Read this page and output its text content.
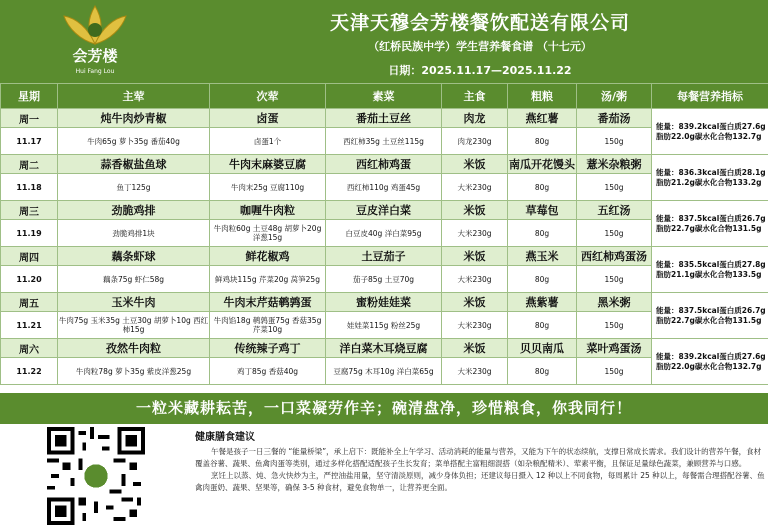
会芳楼
Hui Fang Lou
天津天穆会芳楼餐饮配送有限公司
（红桥民族中学）学生营养餐食谱 （十七元）
日期：2025.11.17—2025.11.22
星期	主荤	次荤	素菜	主食	粗粮	汤/粥	每餐营养指标
周一	炖牛肉炒青椒	卤蛋	番茄土豆丝	肉龙	燕红薯	番茄汤	能量：839.2kcal蛋白质27.6g脂肪22.0g碳水化合物132.7g
11.17	牛肉65g 萝卜35g 番茄40g	卤蛋1个	西红柿35g 土豆丝115g	肉龙230g	80g	150g	
周二	蒜香椒盐鱼球	牛肉末麻婆豆腐	西红柿鸡蛋	米饭	南瓜开花馒头	薏米杂粮粥	能量：836.3kcal蛋白质28.1g脂肪21.2g碳水化合物133.2g
11.18	鱼丁125g	牛肉末25g 豆腐110g	西红柿110g 鸡蛋45g	大米230g	80g	150g	
周三	劲脆鸡排	咖喱牛肉粒	豆皮洋白菜	米饭	草莓包	五红汤	能量：837.5kcal蛋白质26.7g脂肪22.7g碳水化合物131.5g
11.19	劲脆鸡排1块	牛肉粒60g 土豆48g 胡萝卜20g 洋葱15g	白豆皮40g 洋白菜95g	大米230g	80g	150g	
周四	藕条虾球	鲜花椒鸡	土豆茄子	米饭	燕玉米	西红柿鸡蛋汤	能量：835.5kcal蛋白质27.8g脂肪21.1g碳水化合物133.5g
11.20	藕条75g 虾仁58g	鲜鸡块115g 芹菜20g 莴笋25g	茄子85g 土豆70g	大米230g	80g	150g	
周五	玉米牛肉	牛肉末芹菇鹌鹑蛋	蜜粉娃娃菜	米饭	燕紫薯	黑米粥	能量：837.5kcal蛋白质26.7g脂肪22.7g碳水化合物131.5g
11.21	牛肉75g 玉米35g 土豆30g 胡萝卜10g 西红柿15g	牛肉馅18g 鹌鹑蛋75g 香菇35g 芹菜10g	娃娃菜115g 粉丝25g	大米230g	80g	150g	
周六	孜然牛肉粒	传统辣子鸡丁	洋白菜木耳烧豆腐	米饭	贝贝南瓜	菜叶鸡蛋汤	能量：839.2kcal蛋白质27.6g脂肪22.0g碳水化合物132.7g
11.22	牛肉粒78g 萝卜35g 紫皮洋葱25g	鸡丁85g 香菇40g	豆腐75g 木耳10g 洋白菜65g	大米230g	80g	150g	
一粒米藏耕耘苦，一口菜凝劳作辛；碗清盘净，珍惜粮食，你我同行！
健康膳食建议

午餐是孩子一日三餐的 “能量桥梁”，承上启下：既能补全上午学习、活动消耗的能量与营养，又能为下午的状态续航，支撑日常成长需求。我们设计的营养午餐，食材覆盖谷薯、蔬果、鱼禽肉蛋等类别，通过多样化搭配适配孩子生长发育；菜单搭配主富粗细混搭（如杂粮配精米）、荤素平衡，且保证足量绿色蔬菜，兼顾营养与口感。

烹饪上以蒸、炖、急火快炒为主，严控油盐用量，坚守清淡原则，减少身体负担；还建议每日摄入 12 种以上不同食物，每周累计 25 种以上，每餐需合理搭配谷薯、鱼禽肉蛋奶、蔬果、坚果等，确保 3-5 种食材，避免食物单一，让营养更全面。
